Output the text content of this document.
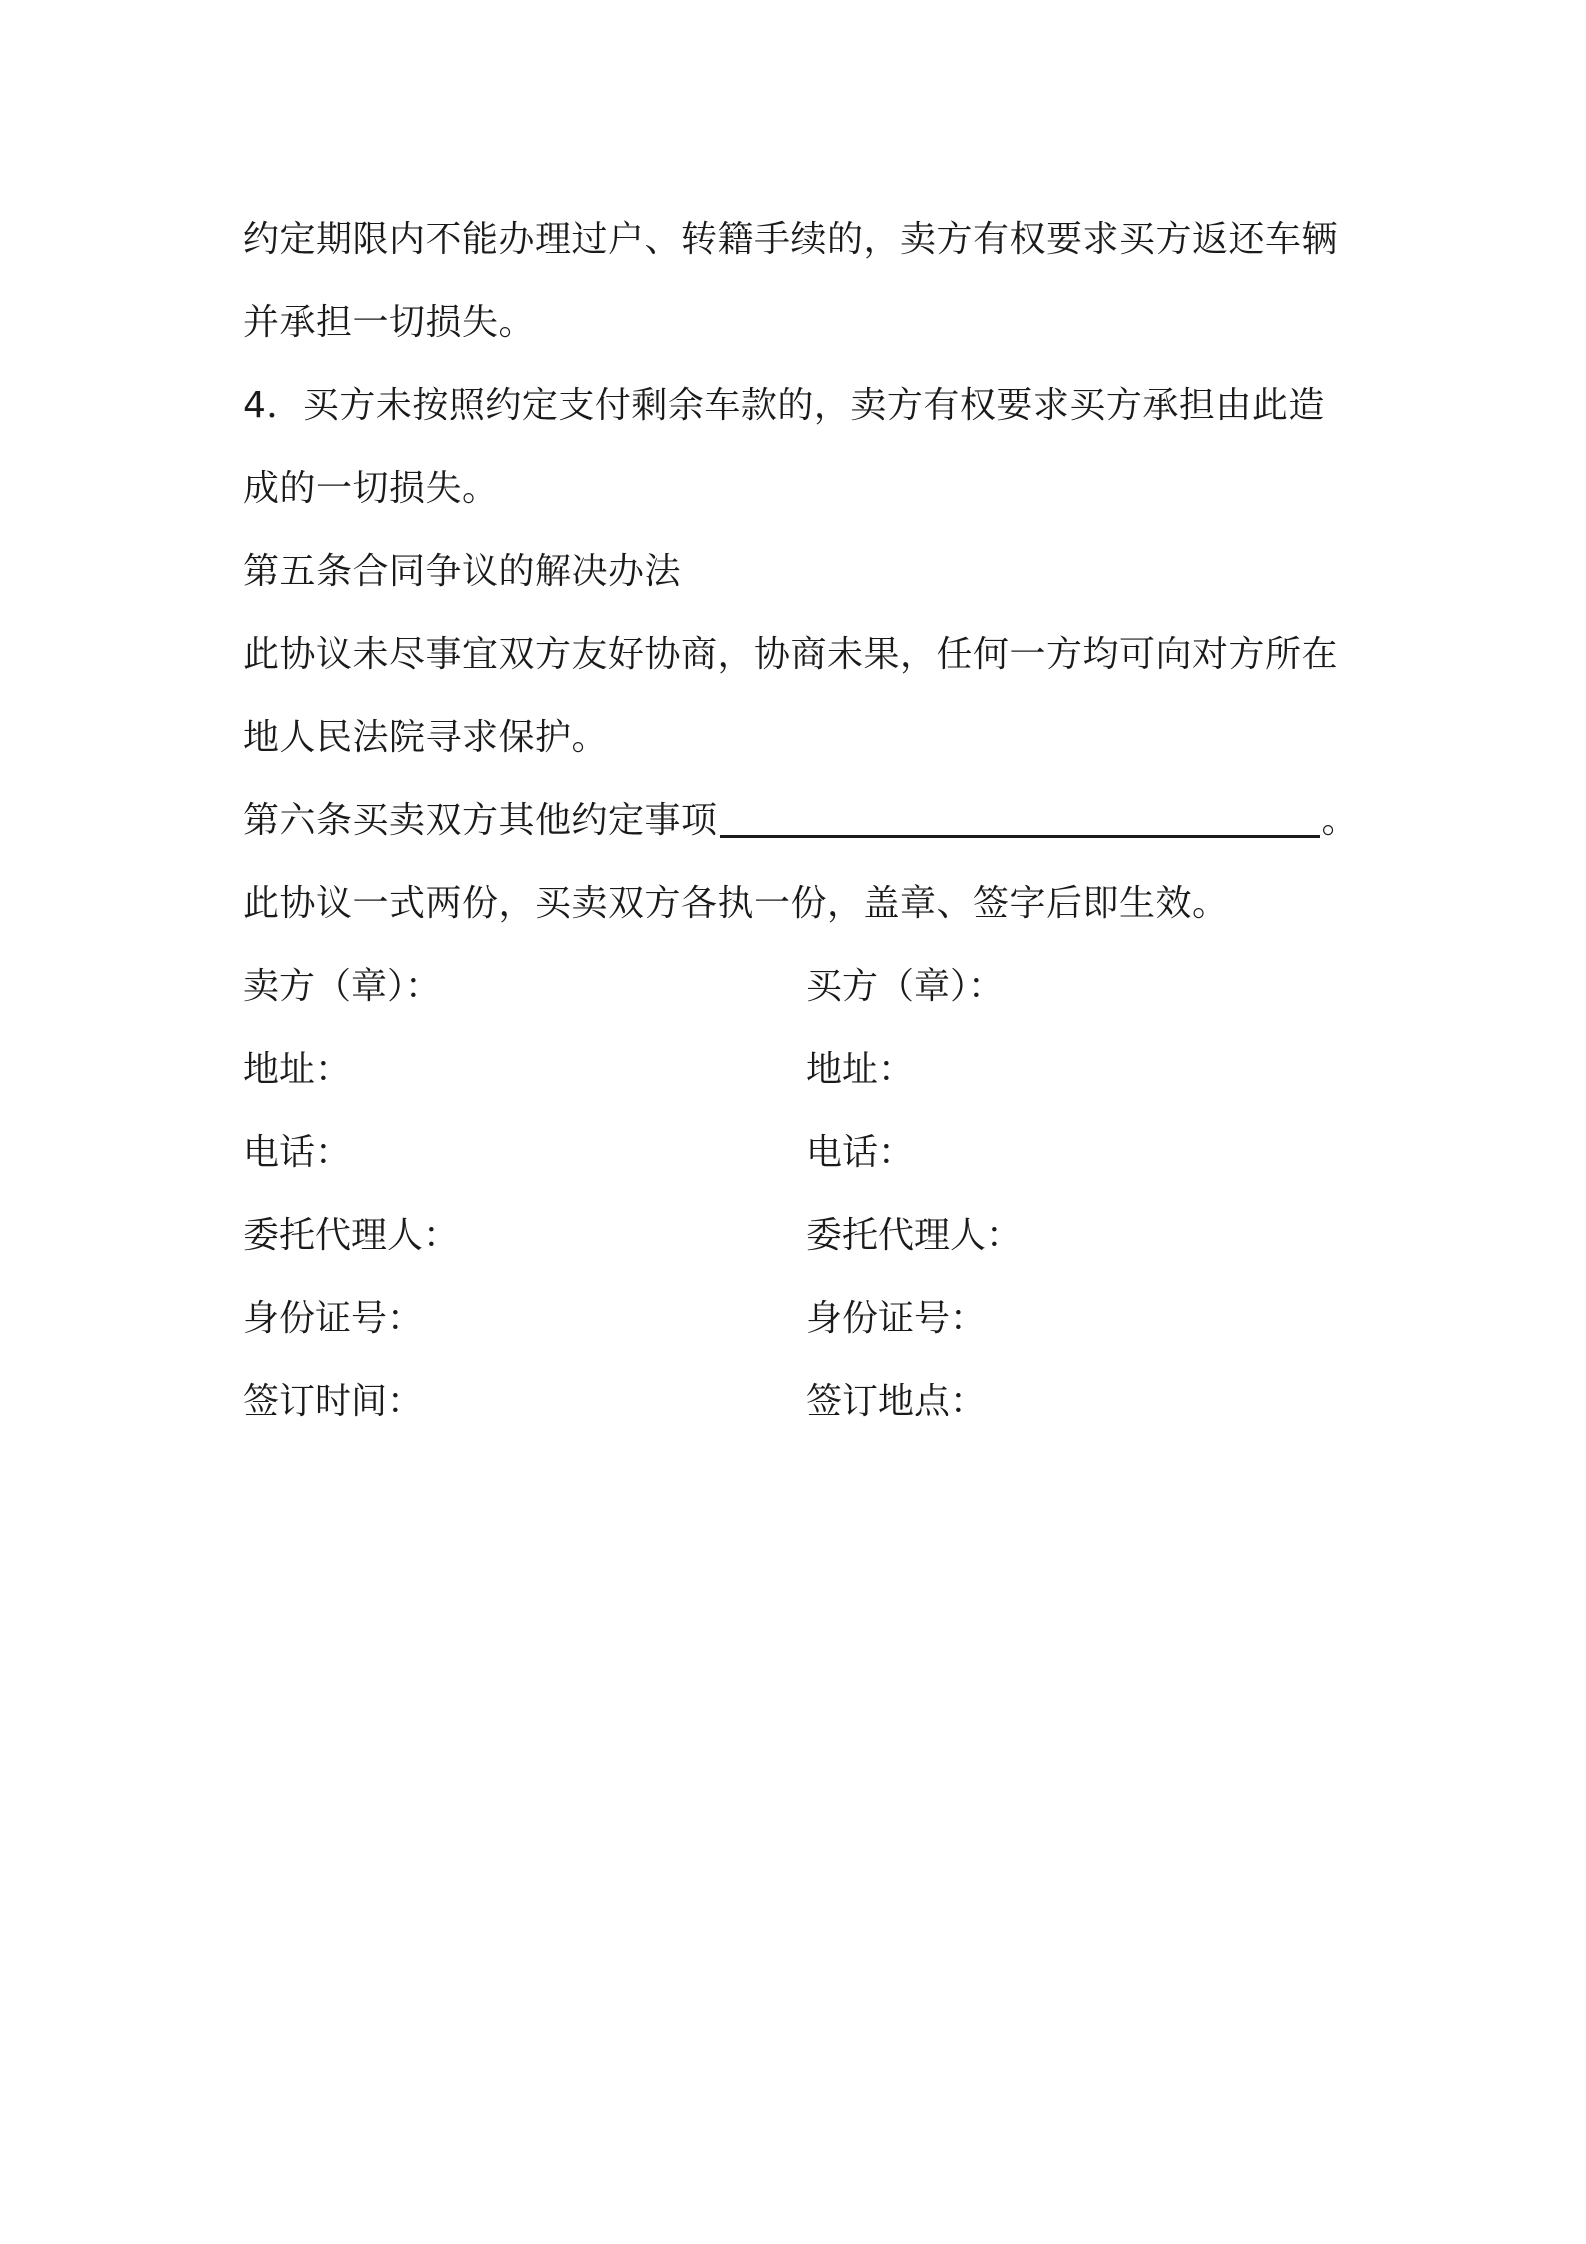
约定期限内不能办理过户、转籍手续的，卖方有权要求买方返还车辆
并承担一切损失。
4．买方未按照约定支付剩余车款的，卖方有权要求买方承担由此造
成的一切损失。
第五条合同争议的解决办法
此协议未尽事宜双方友好协商，协商未果，任何一方均可向对方所在
地人民法院寻求保护。
第六条买卖双方其他约定事项	。
此协议一式两份，买卖双方各执一份，盖章、签字后即生效。
卖方（章）：	买方（章）：
地址：	地址：
电话：	电话：
委托代理人：	委托代理人：
身份证号：	身份证号：
签订时间：	签订地点：
